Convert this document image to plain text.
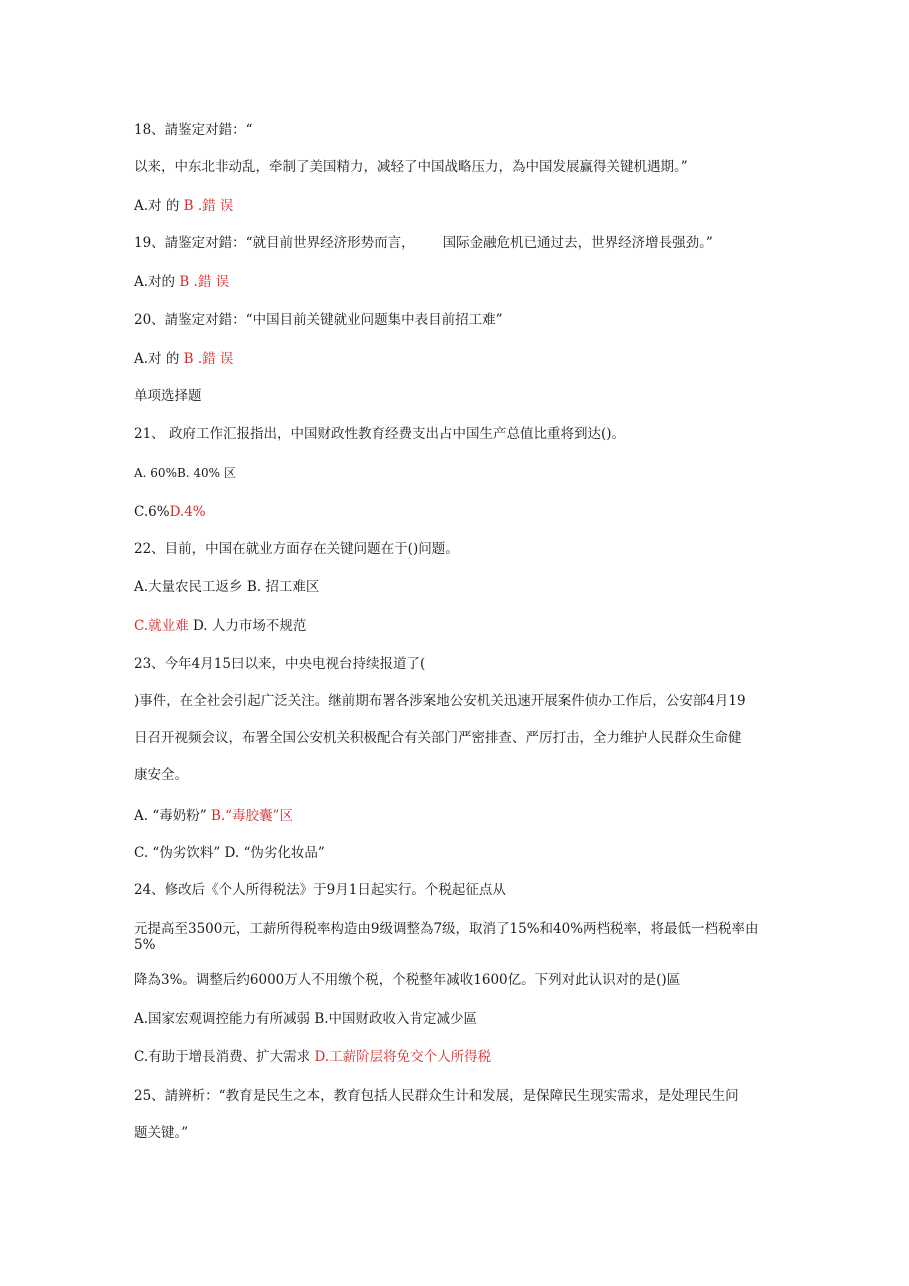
18、請鉴定对錯：“
以来，中东北非动乱，牵制了美国精力，减轻了中国战略压力，為中国发展赢得关键机遇期。”
A.对 的 B .錯 误
19、請鉴定对錯：“就目前世界经济形势而言， 国际金融危机已通过去，世界经济增長强劲。”
A.对的 B .錯 误
20、請鉴定对錯：“中国目前关键就业问题集中表目前招工难”
A.对 的 B .錯 误
单项选择题
21、 政府工作汇报指出，中国财政性教育经费支出占中国生产总值比重将到达()。
A. 60%B. 40% 区
C.6%D.4%
22、目前，中国在就业方面存在关键问题在于()问题。
A.大量农民工返乡 B. 招工难区
C.就业难 D. 人力市场不规范
23、今年4月15曰以来，中央电视台持续报道了(
)事件，在全社会引起广泛关注。继前期布署各涉案地公安机关迅速开展案件侦办工作后，公安部4月19
日召开视频会议，布署全国公安机关积极配合有关部门严密排查、严厉打击，全力维护人民群众生命健
康安全。
A. “毒奶粉” B.“毒胶囊”区
C. “伪劣饮料” D. “伪劣化妆品”
24、修改后《个人所得税法》于9月1日起实行。个税起征点从
元提高至3500元，工薪所得税率构造由9级调整為7级，取消了15%和40%两档税率，将最低一档税率由
5%
降為3%。调整后约6000万人不用缴个税，个税整年减收1600亿。下列对此认识对的是()區
A.国家宏观调控能力有所减弱 B.中国财政收入肯定减少區
C.有助于增長消费、扩大需求 D.工薪阶层将免交个人所得税
25、請辨析：“教育是民生之本，教育包括人民群众生计和发展，是保障民生现实需求，是处理民生问
题关键。”
